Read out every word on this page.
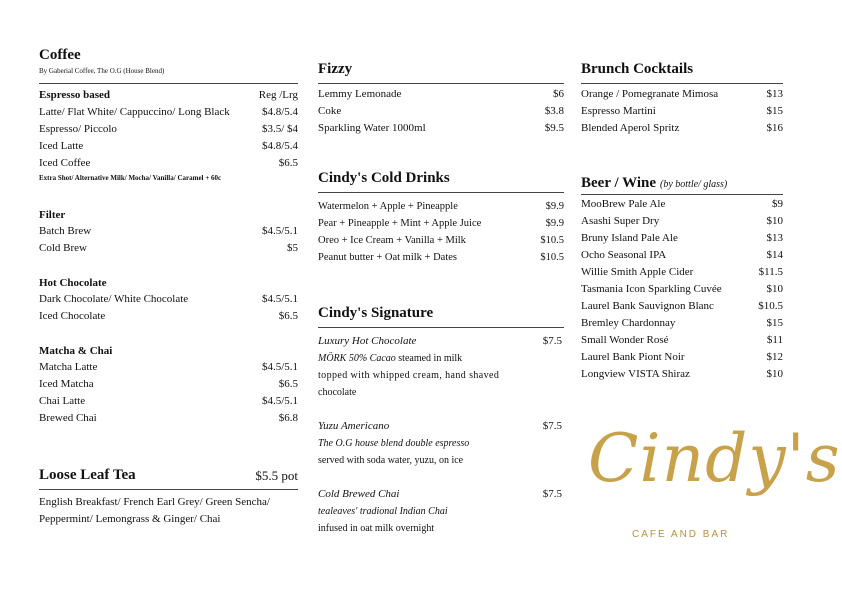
Coffee
By Gaberial Coffee, The O.G (House Blend)
Espresso based	Reg /Lrg
Latte/ Flat White/ Cappuccino/ Long Black	$4.8/5.4
Espresso/ Piccolo	$3.5/ $4
Iced Latte	$4.8/5.4
Iced Coffee	$6.5
Extra Shot/ Alternative Milk/ Mocha/ Vanilla/ Caramel + 60c
Filter
Batch Brew	$4.5/5.1
Cold Brew	$5
Hot Chocolate
Dark Chocolate/ White Chocolate	$4.5/5.1
Iced Chocolate	$6.5
Matcha & Chai
Matcha Latte	$4.5/5.1
Iced Matcha	$6.5
Chai Latte	$4.5/5.1
Brewed Chai	$6.8
Loose Leaf Tea	$5.5 pot
English Breakfast/ French Earl Grey/ Green Sencha/
Peppermint/ Lemongrass & Ginger/ Chai
Fizzy
Lemmy Lemonade	$6
Coke	$3.8
Sparkling Water 1000ml	$9.5
Cindy's Cold Drinks
Watermelon + Apple + Pineapple	$9.9
Pear + Pineapple + Mint + Apple Juice	$9.9
Oreo + Ice Cream + Vanilla + Milk	$10.5
Peanut butter + Oat milk + Dates	$10.5
Cindy's Signature
Luxury Hot Chocolate	$7.5
MÖRK 50% Cacao steamed in milk
topped with whipped cream, hand shaved
chocolate
Yuzu Americano	$7.5
The O.G house blend double espresso
served with soda water, yuzu, on ice
Cold Brewed Chai	$7.5
tealeaves' tradional Indian Chai
infused in oat milk overnight
Brunch Cocktails
Orange / Pomegranate Mimosa	$13
Espresso Martini	$15
Blended Aperol Spritz	$16
Beer / Wine (by bottle/ glass)
MooBrew Pale Ale	$9
Asashi Super Dry	$10
Bruny Island Pale Ale	$13
Ocho Seasonal IPA	$14
Willie Smith Apple Cider	$11.5
Tasmania Icon Sparkling Cuvée	$10
Laurel Bank Sauvignon Blanc	$10.5
Bremley Chardonnay	$15
Small Wonder Rosé	$11
Laurel Bank Piont Noir	$12
Longview VISTA Shiraz	$10
Cindy's
CAFE AND BAR
